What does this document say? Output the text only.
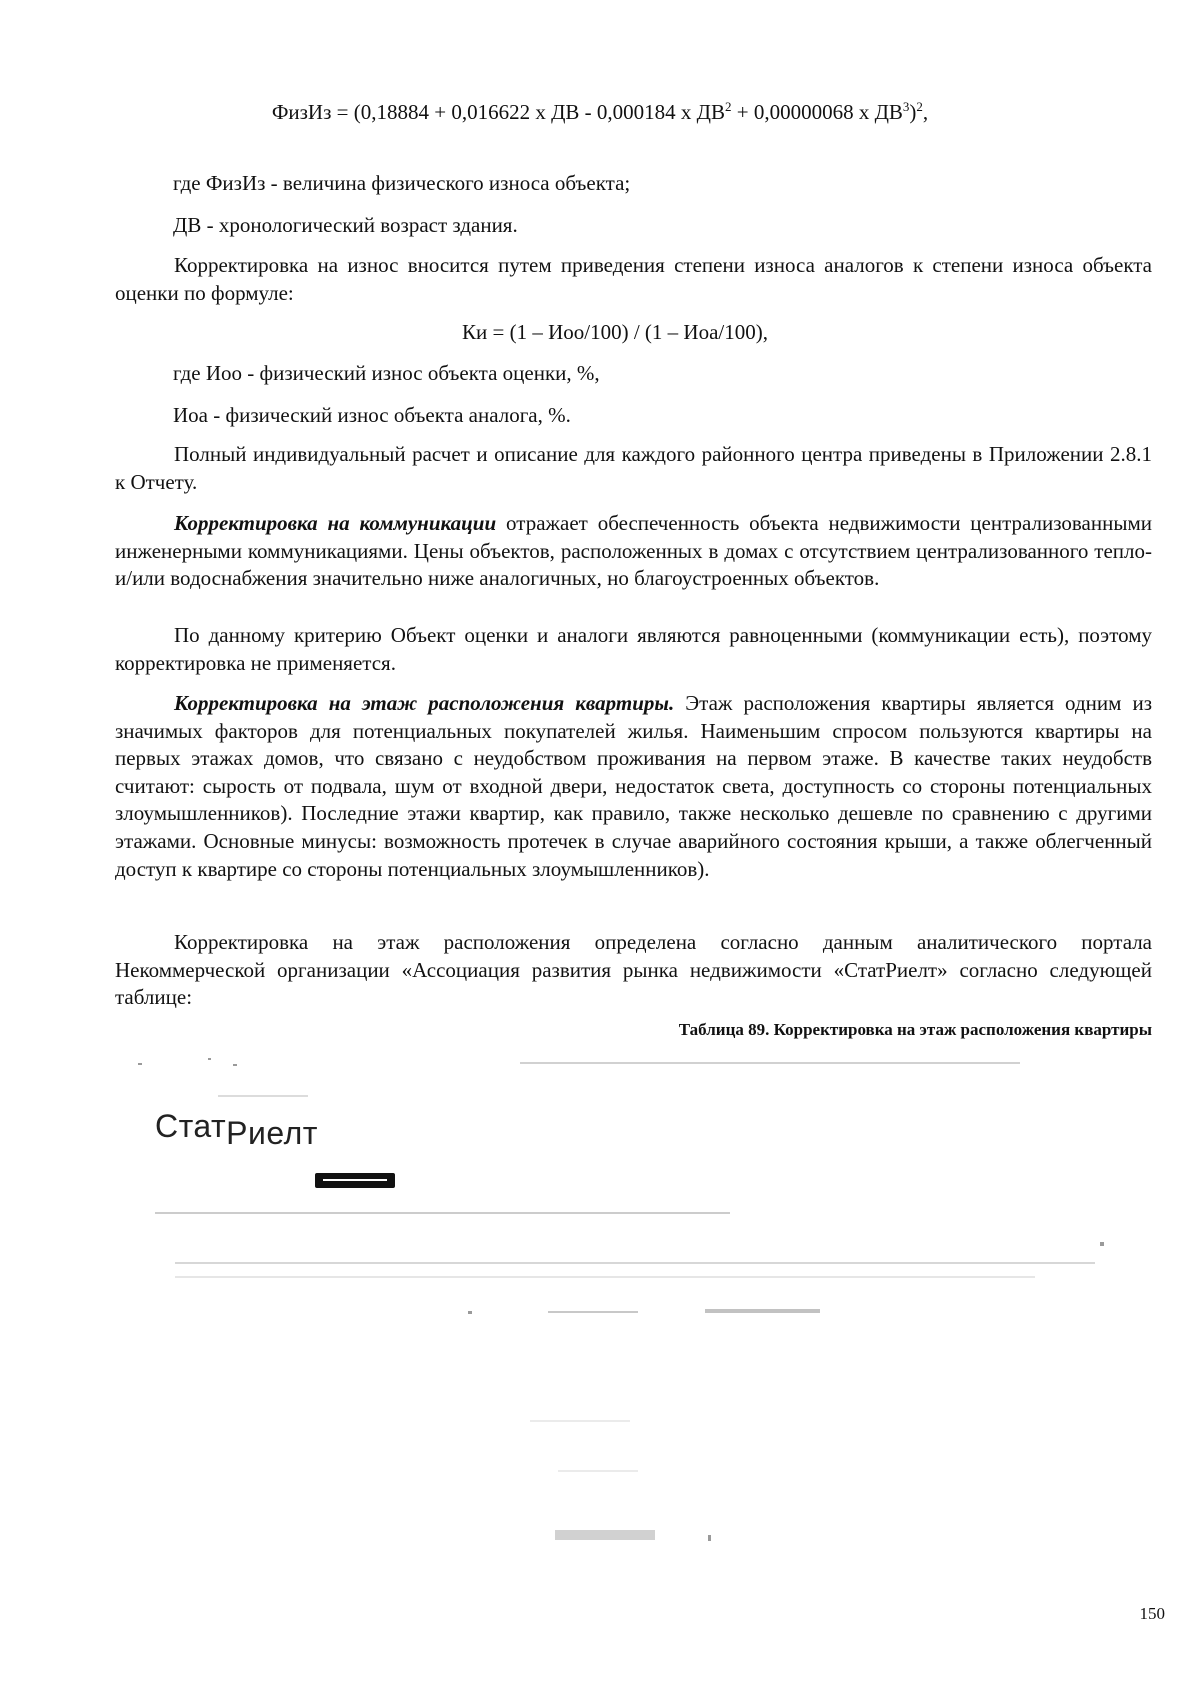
ФизИз = (0,18884 + 0,016622 х ДВ - 0,000184 х $ДВ^2 + 0,00000068$ х $ДВ^3)^2$,
где ФизИз - величина физического износа объекта;
ДВ - хронологический возраст здания.

Корректировка на износ вносится путем приведения степени износа аналогов к степени износа объекта оценки по формуле:

Ки = (1 – Иоо/100) / (1 – Иоа/100),
где Иоо - физический износ объекта оценки, %,
Иоа - физический износ объекта аналога, %.

Полный индивидуальный расчет и описание для каждого районного центра приведены в Приложении 2.8.1 к Отчету.

Корректировка на коммуникации отражает обеспеченность объекта недвижимости централизованными инженерными коммуникациями. Цены объектов, расположенных в домах с отсутствием централизованного тепло- и/или водоснабжения значительно ниже аналогичных, но благоустроенных объектов.

По данному критерию Объект оценки и аналоги являются равноценными (коммуникации есть), поэтому корректировка не применяется.

Корректировка на этаж расположения квартиры. Этаж расположения квартиры является одним из значимых факторов для потенциальных покупателей жилья. Наименьшим спросом пользуются квартиры на первых этажах домов, что связано с неудобством проживания на первом этаже. В качестве таких неудобств считают: сырость от подвала, шум от входной двери, недостаток света, доступность со стороны потенциальных злоумышленников). Последние этажи квартир, как правило, также несколько дешевле по сравнению с другими этажами. Основные минусы: возможность протечек в случае аварийного состояния крыши, а также облегченный доступ к квартире со стороны потенциальных злоумышленников).

Корректировка на этаж расположения определена согласно данным аналитического портала Некоммерческой организации «Ассоциация развития рынка недвижимости «СтатРиелт» согласно следующей таблице:

Таблица 89. Корректировка на этаж расположения квартиры
СтатРиелт
150
